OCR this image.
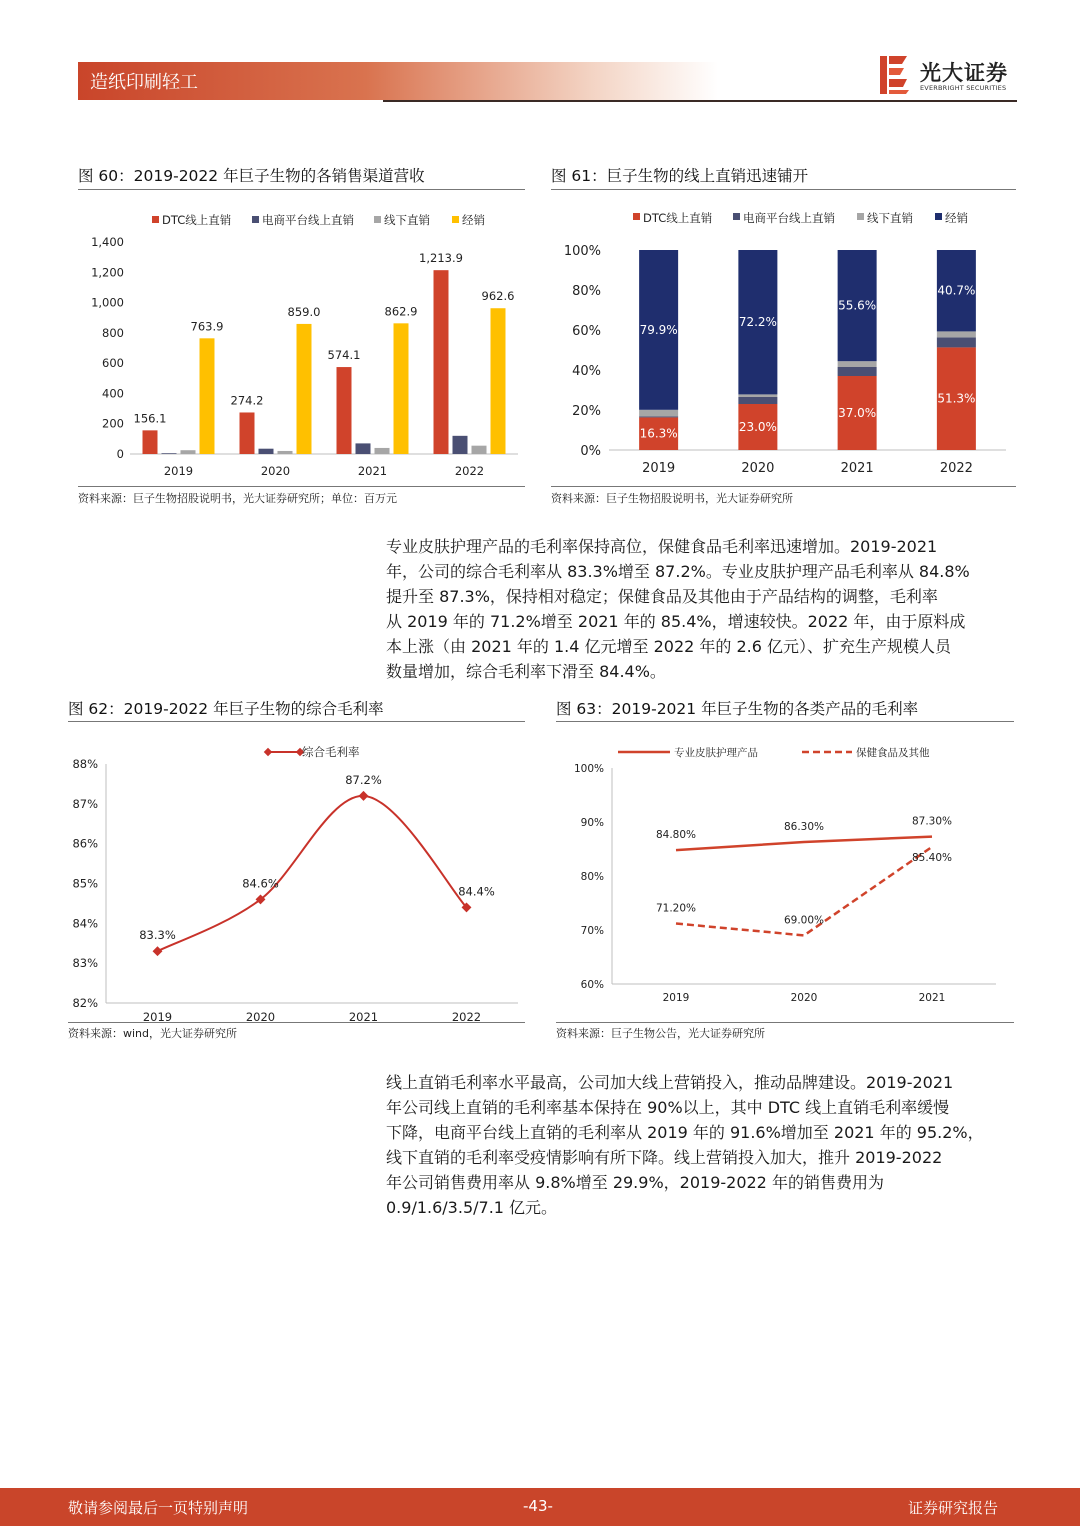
造纸印刷轻工	光大证券
EVERBRIGHT SECURITIES
图 60：2019-2022 年巨子生物的各销售渠道营收
DTC线上直销	电商平台线上直销	线下直销	经销
0
200
400
600
800
1,000
1,200
1,400
156.1
763.9
2019
274.2
859.0
2020
574.1
862.9
2021
1,213.9
962.6
2022
资料来源：巨子生物招股说明书，光大证券研究所；单位：百万元
图 61：巨子生物的线上直销迅速铺开
DTC线上直销	电商平台线上直销	线下直销	经销
0%
20%
40%
60%
80%
100%
16.3%
79.9%
2019
23.0%
72.2%
2020
37.0%
55.6%
2021
51.3%
40.7%
2022
资料来源：巨子生物招股说明书，光大证券研究所

专业皮肤护理产品的毛利率保持高位，保健食品毛利率迅速增加。2019-2021

年，公司的综合毛利率从 83.3%增至 87.2%。专业皮肤护理产品毛利率从 84.8%

提升至 87.3%，保持相对稳定；保健食品及其他由于产品结构的调整，毛利率

从 2019 年的 71.2%增至 2021 年的 85.4%，增速较快。2022 年，由于原料成

本上涨（由 2021 年的 1.4 亿元增至 2022 年的 2.6 亿元）、扩充生产规模人员

数量增加，综合毛利率下滑至 84.4%。

图 62：2019-2022 年巨子生物的综合毛利率
综合毛利率
82%
83%
84%
85%
86%
87%
88%
83.3%
2019
84.6%
2020
87.2%
2021
84.4%
2022
资料来源：wind，光大证券研究所
图 63：2019-2021 年巨子生物的各类产品的毛利率
专业皮肤护理产品	保健食品及其他
60%
70%
80%
90%
100%
84.80%
86.30%	87.30%
71.20%
69.00%
85.40%
2019	2020	2021
资料来源：巨子生物公告，光大证券研究所

线上直销毛利率水平最高，公司加大线上营销投入，推动品牌建设。2019-2021

年公司线上直销的毛利率基本保持在 90%以上，其中 DTC 线上直销毛利率缓慢

下降，电商平台线上直销的毛利率从 2019 年的 91.6%增加至 2021 年的 95.2%，

线下直销的毛利率受疫情影响有所下降。线上营销投入加大，推升 2019-2022

年公司销售费用率从 9.8%增至 29.9%，2019-2022 年的销售费用为

0.9/1.6/3.5/7.1 亿元。

敬请参阅最后一页特别声明	-43-	证券研究报告
